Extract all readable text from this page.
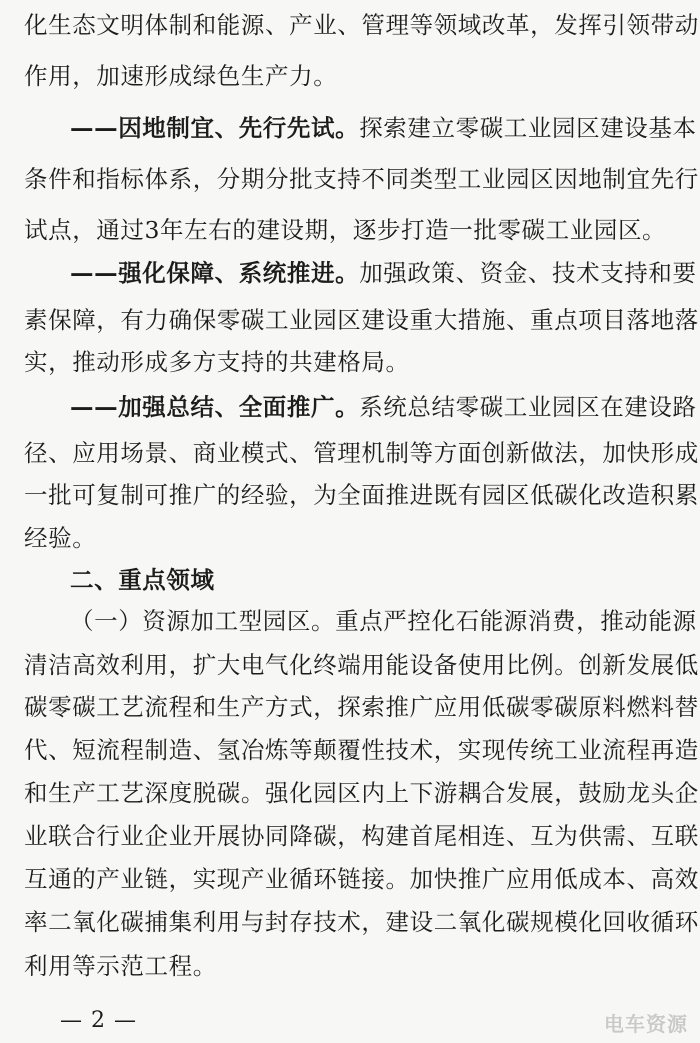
化生态文明体制和能源、产业、管理等领域改革，发挥引领带动
作用，加速形成绿色生产力。
——因地制宜、先行先试。探索建立零碳工业园区建设基本
条件和指标体系，分期分批支持不同类型工业园区因地制宜先行
试点，通过3年左右的建设期，逐步打造一批零碳工业园区。
——强化保障、系统推进。加强政策、资金、技术支持和要
素保障，有力确保零碳工业园区建设重大措施、重点项目落地落
实，推动形成多方支持的共建格局。
——加强总结、全面推广。系统总结零碳工业园区在建设路
径、应用场景、商业模式、管理机制等方面创新做法，加快形成
一批可复制可推广的经验，为全面推进既有园区低碳化改造积累
经验。
二、重点领域
（一）资源加工型园区。重点严控化石能源消费，推动能源
清洁高效利用，扩大电气化终端用能设备使用比例。创新发展低
碳零碳工艺流程和生产方式，探索推广应用低碳零碳原料燃料替
代、短流程制造、氢冶炼等颠覆性技术，实现传统工业流程再造
和生产工艺深度脱碳。强化园区内上下游耦合发展，鼓励龙头企
业联合行业企业开展协同降碳，构建首尾相连、互为供需、互联
互通的产业链，实现产业循环链接。加快推广应用低成本、高效
率二氧化碳捕集利用与封存技术，建设二氧化碳规模化回收循环
利用等示范工程。
— 2 —	电车资源
